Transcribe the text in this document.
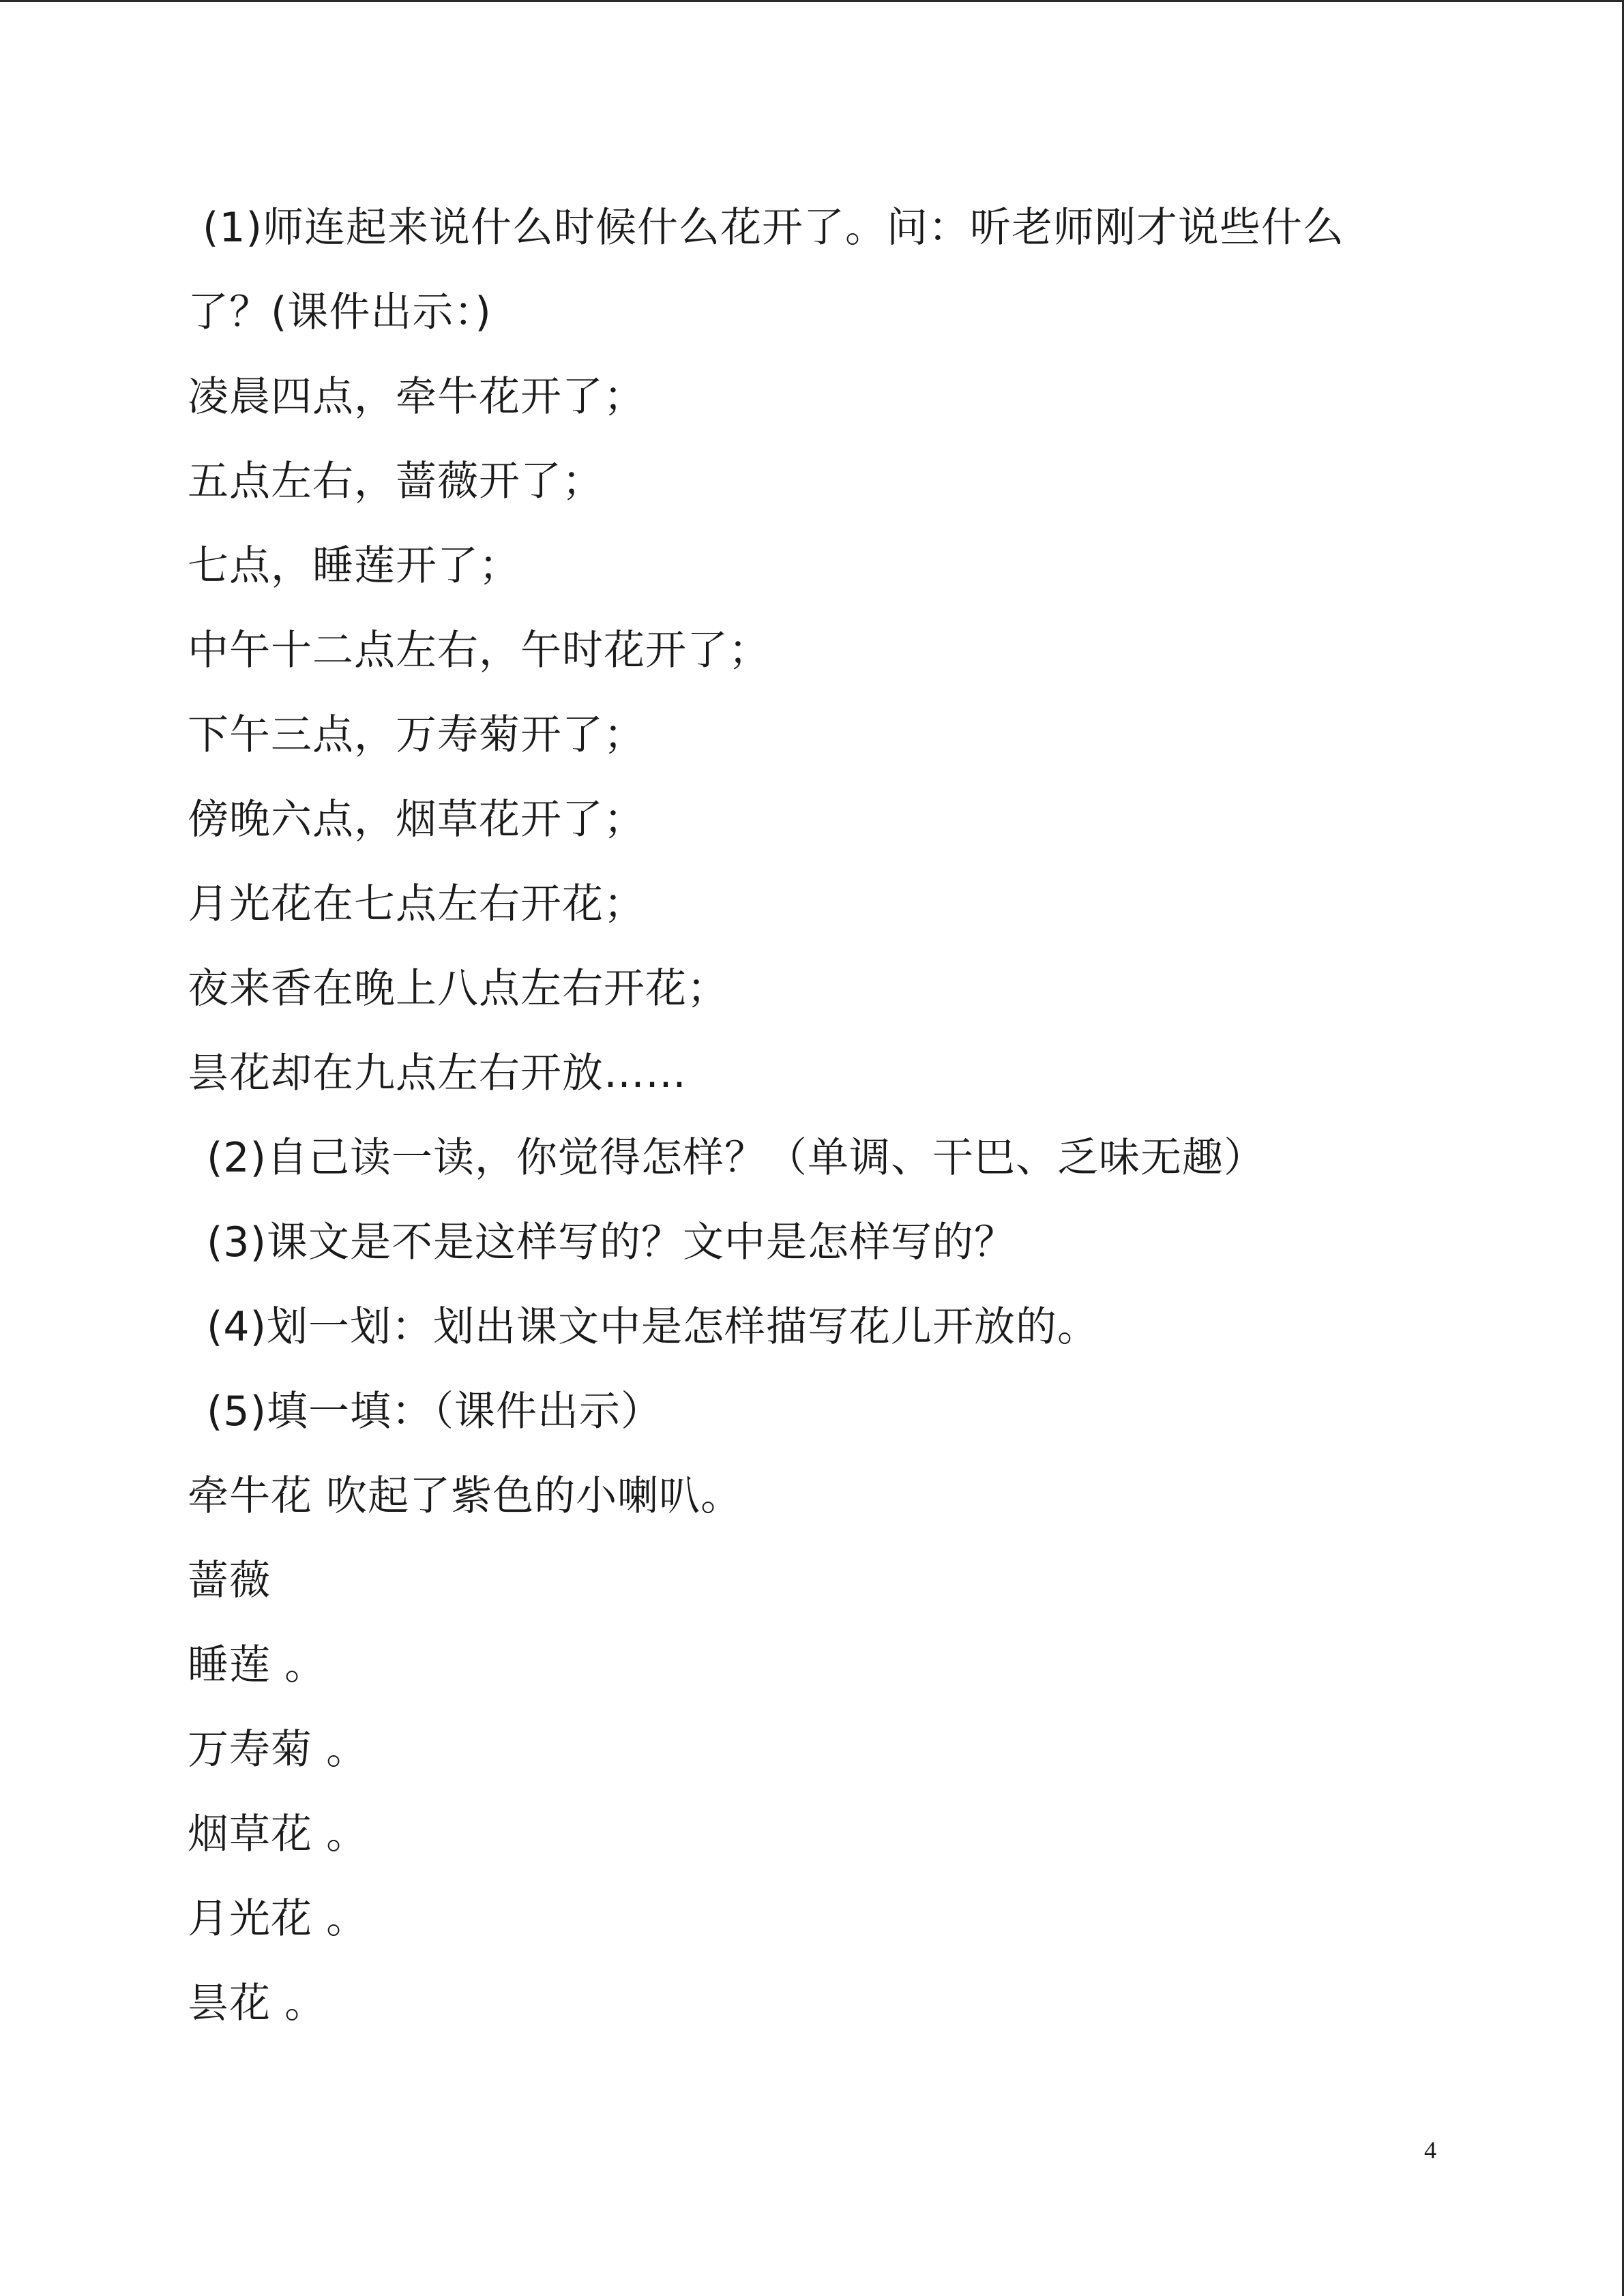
(1)师连起来说什么时候什么花开了。问：听老师刚才说些什么
了？(课件出示：)
凌晨四点，牵牛花开了；
五点左右，蔷薇开了；
七点，睡莲开了；
中午十二点左右，午时花开了；
下午三点，万寿菊开了；
傍晚六点，烟草花开了；
月光花在七点左右开花；
夜来香在晚上八点左右开花；
昙花却在九点左右开放……
(2)自己读一读，你觉得怎样？（单调、干巴、乏味无趣）
(3)课文是不是这样写的？文中是怎样写的？
(4)划一划：划出课文中是怎样描写花儿开放的。
(5)填一填：（课件出示）
牵牛花 吹起了紫色的小喇叭。
蔷薇
睡莲 。
万寿菊 。
烟草花 。
月光花 。
昙花 。
4
